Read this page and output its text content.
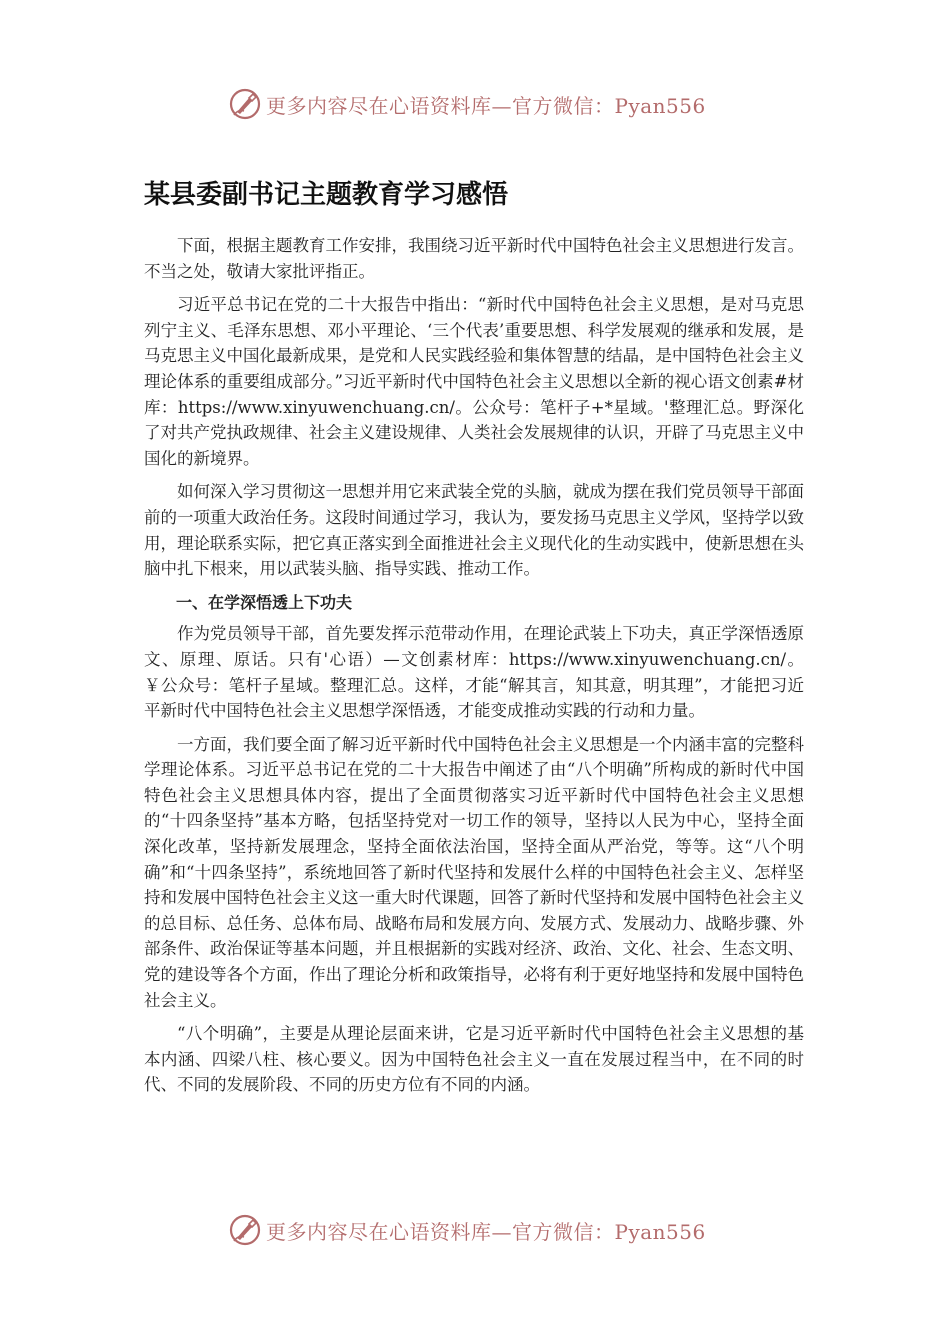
更多内容尽在心语资料库—官方微信：Pyan556
某县委副书记主题教育学习感悟

下面，根据主题教育工作安排，我围绕习近平新时代中国特色社会主义思想进行发言。不当之处，敬请大家批评指正。

习近平总书记在党的二十大报告中指出：“新时代中国特色社会主义思想，是对马克思列宁主义、毛泽东思想、邓小平理论、‘三个代表’重要思想、科学发展观的继承和发展，是马克思主义中国化最新成果，是党和人民实践经验和集体智慧的结晶，是中国特色社会主义理论体系的重要组成部分。”习近平新时代中国特色社会主义思想以全新的视心语文创素#材库：https://www.xinyuwenchuang.cn/。公众号：笔杆子+*星域。'整理汇总。野深化了对共产党执政规律、社会主义建设规律、人类社会发展规律的认识，开辟了马克思主义中国化的新境界。

如何深入学习贯彻这一思想并用它来武装全党的头脑，就成为摆在我们党员领导干部面前的一项重大政治任务。这段时间通过学习，我认为，要发扬马克思主义学风，坚持学以致用，理论联系实际，把它真正落实到全面推进社会主义现代化的生动实践中，使新思想在头脑中扎下根来，用以武装头脑、指导实践、推动工作。

一、在学深悟透上下功夫

作为党员领导干部，首先要发挥示范带动作用，在理论武装上下功夫，真正学深悟透原文、原理、原话。只有'心语）—文创素材库：https://www.xinyuwenchuang.cn/。￥公众号：笔杆子星域。整理汇总。这样，才能“解其言，知其意，明其理”，才能把习近平新时代中国特色社会主义思想学深悟透，才能变成推动实践的行动和力量。

一方面，我们要全面了解习近平新时代中国特色社会主义思想是一个内涵丰富的完整科学理论体系。习近平总书记在党的二十大报告中阐述了由“八个明确”所构成的新时代中国特色社会主义思想具体内容，提出了全面贯彻落实习近平新时代中国特色社会主义思想的“十四条坚持”基本方略，包括坚持党对一切工作的领导，坚持以人民为中心，坚持全面深化改革，坚持新发展理念，坚持全面依法治国，坚持全面从严治党，等等。这“八个明确”和“十四条坚持”，系统地回答了新时代坚持和发展什么样的中国特色社会主义、怎样坚持和发展中国特色社会主义这一重大时代课题，回答了新时代坚持和发展中国特色社会主义的总目标、总任务、总体布局、战略布局和发展方向、发展方式、发展动力、战略步骤、外部条件、政治保证等基本问题，并且根据新的实践对经济、政治、文化、社会、生态文明、党的建设等各个方面，作出了理论分析和政策指导，必将有利于更好地坚持和发展中国特色社会主义。

“八个明确”，主要是从理论层面来讲，它是习近平新时代中国特色社会主义思想的基本内涵、四梁八柱、核心要义。因为中国特色社会主义一直在发展过程当中，在不同的时代、不同的发展阶段、不同的历史方位有不同的内涵。

更多内容尽在心语资料库—官方微信：Pyan556
